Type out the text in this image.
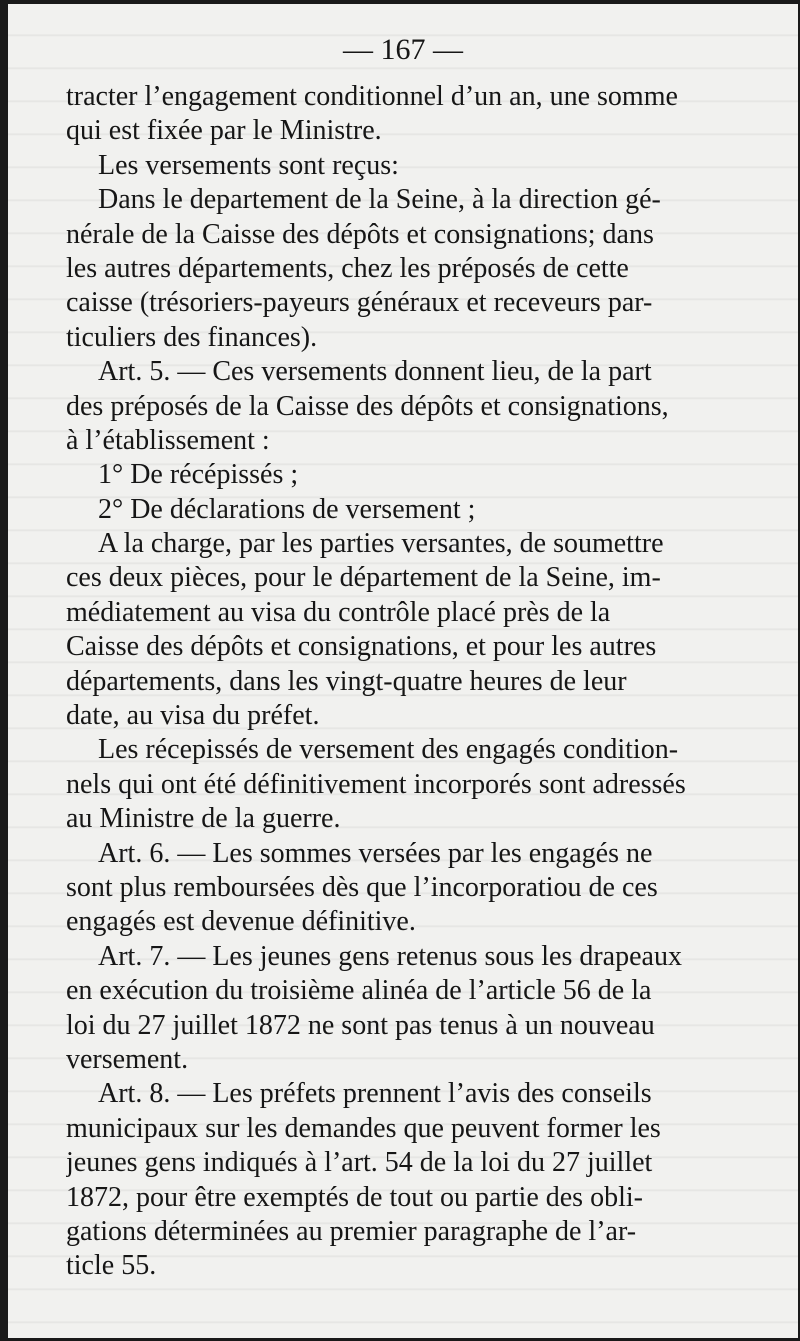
— 167 —
tracter l’engagement conditionnel d’un an, une somme
qui est fixée par le Ministre.
Les versements sont reçus:
Dans le departement de la Seine, à la direction gé-
nérale de la Caisse des dépôts et consignations; dans
les autres départements, chez les préposés de cette
caisse (trésoriers-payeurs généraux et receveurs par-
ticuliers des finances).
Art. 5. — Ces versements donnent lieu, de la part
des préposés de la Caisse des dépôts et consignations,
à l’établissement :
1° De récépissés ;
2° De déclarations de versement ;
A la charge, par les parties versantes, de soumettre
ces deux pièces, pour le département de la Seine, im-
médiatement au visa du contrôle placé près de la
Caisse des dépôts et consignations, et pour les autres
départements, dans les vingt-quatre heures de leur
date, au visa du préfet.
Les récepissés de versement des engagés condition-
nels qui ont été définitivement incorporés sont adressés
au Ministre de la guerre.
Art. 6. — Les sommes versées par les engagés ne
sont plus remboursées dès que l’incorporatiou de ces
engagés est devenue définitive.
Art. 7. — Les jeunes gens retenus sous les drapeaux
en exécution du troisième alinéa de l’article 56 de la
loi du 27 juillet 1872 ne sont pas tenus à un nouveau
versement.
Art. 8. — Les préfets prennent l’avis des conseils
municipaux sur les demandes que peuvent former les
jeunes gens indiqués à l’art. 54 de la loi du 27 juillet
1872, pour être exemptés de tout ou partie des obli-
gations déterminées au premier paragraphe de l’ar-
ticle 55.
